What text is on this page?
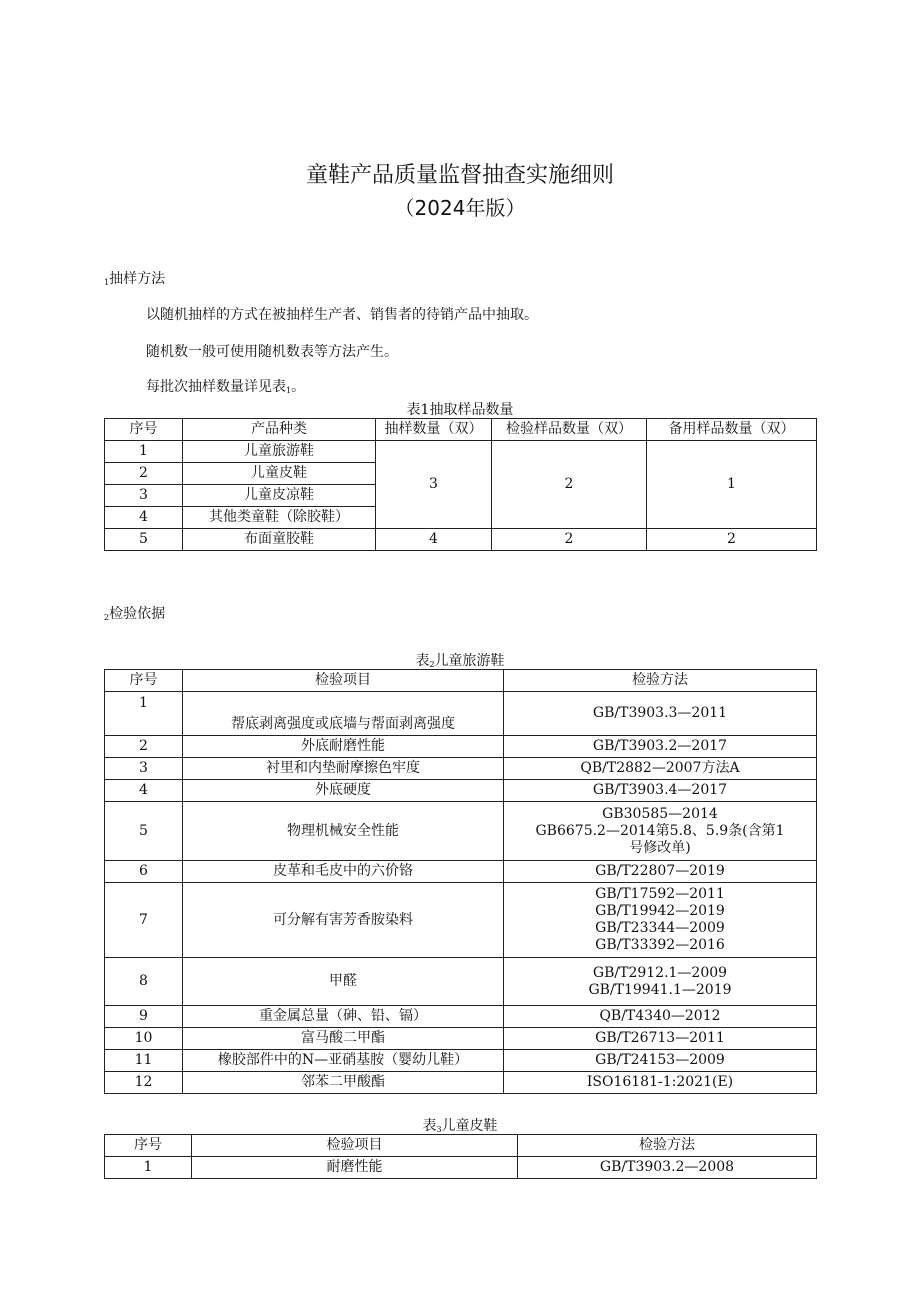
童鞋产品质量监督抽查实施细则
（2024年版）
1抽样方法
以随机抽样的方式在被抽样生产者、销售者的待销产品中抽取。
随机数一般可使用随机数表等方法产生。
每批次抽样数量详见表1。
表1抽取样品数量
序号	产品种类	抽样数量（双）	检验样品数量（双）	备用样品数量（双）
1	儿童旅游鞋	3	2	1
2	儿童皮鞋			
3	儿童皮凉鞋			
4	其他类童鞋（除胶鞋）			
5	布面童胶鞋	4	2	2
2检验依据
表2儿童旅游鞋
序号	检验项目	检验方法
1	帮底剥离强度或底墙与帮面剥离强度	GB/T3903.3—2011
2	外底耐磨性能	GB/T3903.2—2017
3	衬里和内垫耐摩擦色牢度	QB/T2882—2007方法A
4	外底硬度	GB/T3903.4—2017
5	物理机械安全性能	GB30585—2014
GB6675.2—2014第5.8、5.9条(含第1
号修改单)
6	皮革和毛皮中的六价铬	GB/T22807—2019
7	可分解有害芳香胺染料	GB/T17592—2011
GB/T19942—2019
GB/T23344—2009
GB/T33392—2016
8	甲醛	GB/T2912.1—2009
GB/T19941.1—2019
9	重金属总量（砷、铅、镉）	QB/T4340—2012
10	富马酸二甲酯	GB/T26713—2011
11	橡胶部件中的N—亚硝基胺（婴幼儿鞋）	GB/T24153—2009
12	邻苯二甲酸酯	ISO16181-1:2021(E)
表3儿童皮鞋
序号	检验项目	检验方法
1	耐磨性能	GB/T3903.2—2008
